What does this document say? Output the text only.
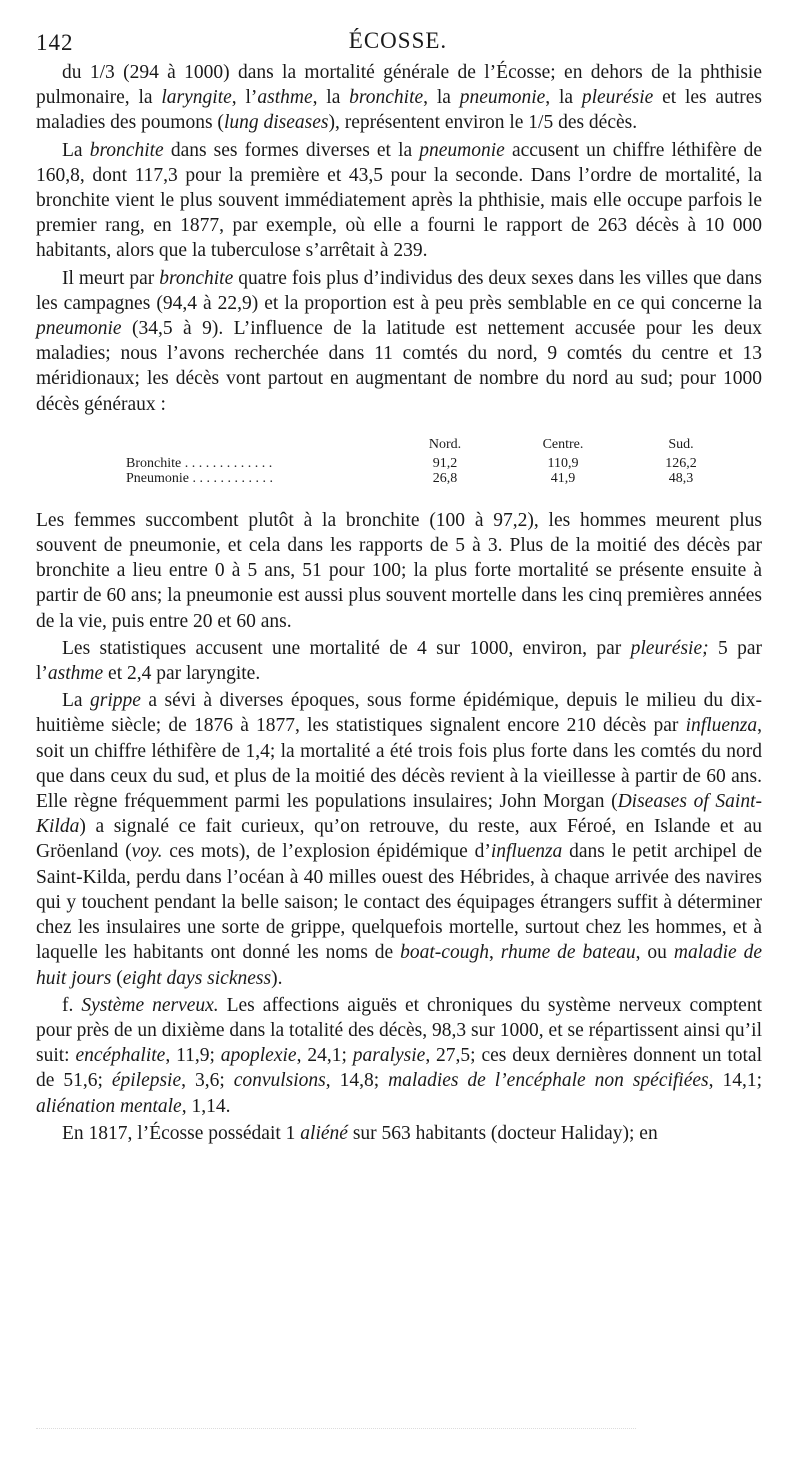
142	ÉCOSSE.

du 1/3 (294 à 1000) dans la mortalité générale de l’Écosse; en dehors de la phthisie pulmonaire, la laryngite, l’asthme, la bronchite, la pneumonie, la pleurésie et les autres maladies des poumons (lung diseases), représentent environ le 1/5 des décès.

La bronchite dans ses formes diverses et la pneumonie accusent un chiffre léthifère de 160,8, dont 117,3 pour la première et 43,5 pour la seconde. Dans l’ordre de mortalité, la bronchite vient le plus souvent immédiatement après la phthisie, mais elle occupe parfois le premier rang, en 1877, par exemple, où elle a fourni le rapport de 263 décès à 10 000 habitants, alors que la tuberculose s’arrêtait à 239.

Il meurt par bronchite quatre fois plus d’individus des deux sexes dans les villes que dans les campagnes (94,4 à 22,9) et la proportion est à peu près semblable en ce qui concerne la pneumonie (34,5 à 9). L’influence de la latitude est nettement accusée pour les deux maladies; nous l’avons recherchée dans 11 comtés du nord, 9 comtés du centre et 13 méridionaux; les décès vont partout en augmentant de nombre du nord au sud; pour 1000 décès généraux :

	Nord.	Centre.	Sud.
Bronchite . . . . . . . . . . . . .	91,2	110,9	126,2
Pneumonie . . . . . . . . . . . .	26,8	41,9	48,3

Les femmes succombent plutôt à la bronchite (100 à 97,2), les hommes meurent plus souvent de pneumonie, et cela dans les rapports de 5 à 3. Plus de la moitié des décès par bronchite a lieu entre 0 à 5 ans, 51 pour 100; la plus forte mortalité se présente ensuite à partir de 60 ans; la pneumonie est aussi plus souvent mortelle dans les cinq premières années de la vie, puis entre 20 et 60 ans.

Les statistiques accusent une mortalité de 4 sur 1000, environ, par pleurésie; 5 par l’asthme et 2,4 par laryngite.

La grippe a sévi à diverses époques, sous forme épidémique, depuis le milieu du dix-huitième siècle; de 1876 à 1877, les statistiques signalent encore 210 décès par influenza, soit un chiffre léthifère de 1,4; la mortalité a été trois fois plus forte dans les comtés du nord que dans ceux du sud, et plus de la moitié des décès revient à la vieillesse à partir de 60 ans. Elle règne fréquemment parmi les populations insulaires; John Morgan (Diseases of Saint-Kilda) a signalé ce fait curieux, qu’on retrouve, du reste, aux Féroé, en Islande et au Gröenland (voy. ces mots), de l’explosion épidémique d’influenza dans le petit archipel de Saint-Kilda, perdu dans l’océan à 40 milles ouest des Hébrides, à chaque arrivée des navires qui y touchent pendant la belle saison; le contact des équipages étrangers suffit à déterminer chez les insulaires une sorte de grippe, quelquefois mortelle, surtout chez les hommes, et à laquelle les habitants ont donné les noms de boat-cough, rhume de bateau, ou maladie de huit jours (eight days sickness).

f. Système nerveux. Les affections aiguës et chroniques du système nerveux comptent pour près de un dixième dans la totalité des décès, 98,3 sur 1000, et se répartissent ainsi qu’il suit: encéphalite, 11,9; apoplexie, 24,1; paralysie, 27,5; ces deux dernières donnent un total de 51,6; épilepsie, 3,6; convulsions, 14,8; maladies de l’encéphale non spécifiées, 14,1; aliénation mentale, 1,14.

En 1817, l’Écosse possédait 1 aliéné sur 563 habitants (docteur Haliday); en
